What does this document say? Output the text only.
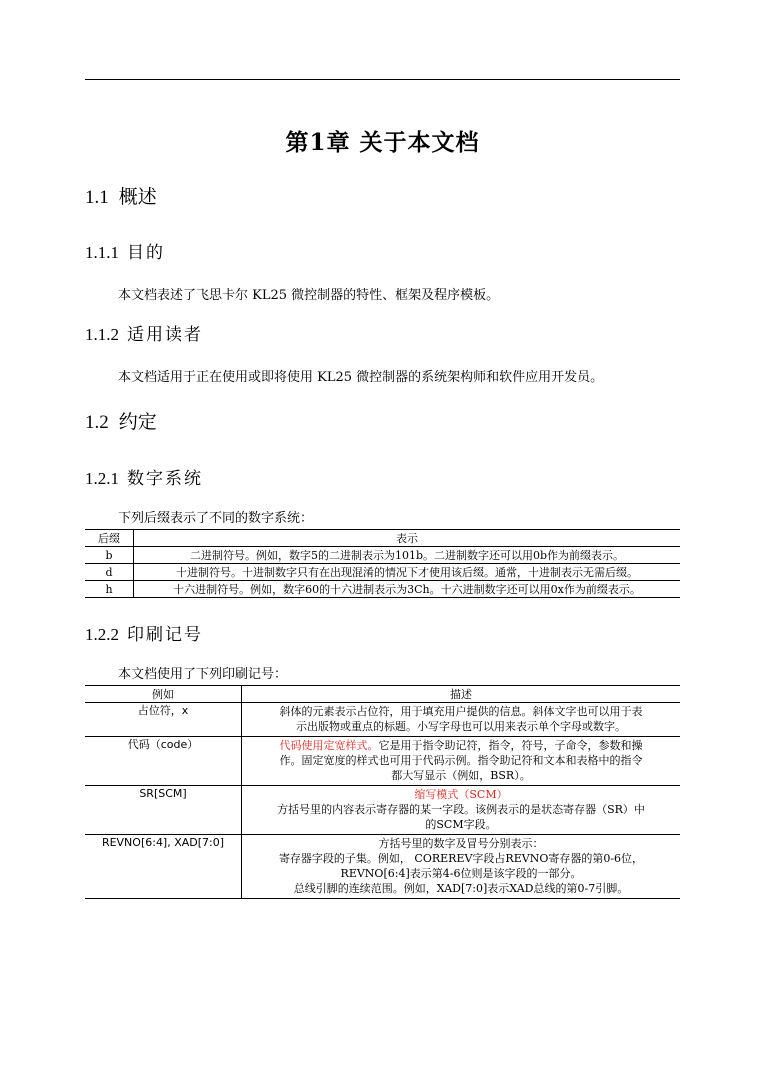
第1章 关于本文档
1.1 概述
1.1.1 目的
本文档表述了飞思卡尔 KL25 微控制器的特性、框架及程序模板。
1.1.2 适用读者
本文档适用于正在使用或即将使用 KL25 微控制器的系统架构师和软件应用开发员。
1.2 约定
1.2.1 数字系统
下列后缀表示了不同的数字系统：
后缀	表示
b	二进制符号。例如，数字5的二进制表示为101b。二进制数字还可以用0b作为前缀表示。
d	十进制符号。十进制数字只有在出现混淆的情况下才使用该后缀。通常，十进制表示无需后缀。
h	十六进制符号。例如，数字60的十六进制表示为3Ch。十六进制数字还可以用0x作为前缀表示。
1.2.2 印刷记号
本文档使用了下列印刷记号：
例如	描述
占位符，x	斜体的元素表示占位符，用于填充用户提供的信息。斜体文字也可以用于表
示出版物或重点的标题。小写字母也可以用来表示单个字母或数字。

代码（code）	代码使用定宽样式。它是用于指令助记符，指令，符号，子命令，参数和操
作。固定宽度的样式也可用于代码示例。指令助记符和文本和表格中的指令
都大写显示（例如，BSR）。

SR[SCM]	缩写模式（SCM）
方括号里的内容表示寄存器的某一字段。该例表示的是状态寄存器（SR）中
的SCM字段。

REVNO[6:4], XAD[7:0]	方括号里的数字及冒号分别表示：
寄存器字段的子集。例如， COREREV字段占REVNO寄存器的第0-6位，
REVNO[6:4]表示第4-6位则是该字段的一部分。
总线引脚的连续范围。例如，XAD[7:0]表示XAD总线的第0-7引脚。
